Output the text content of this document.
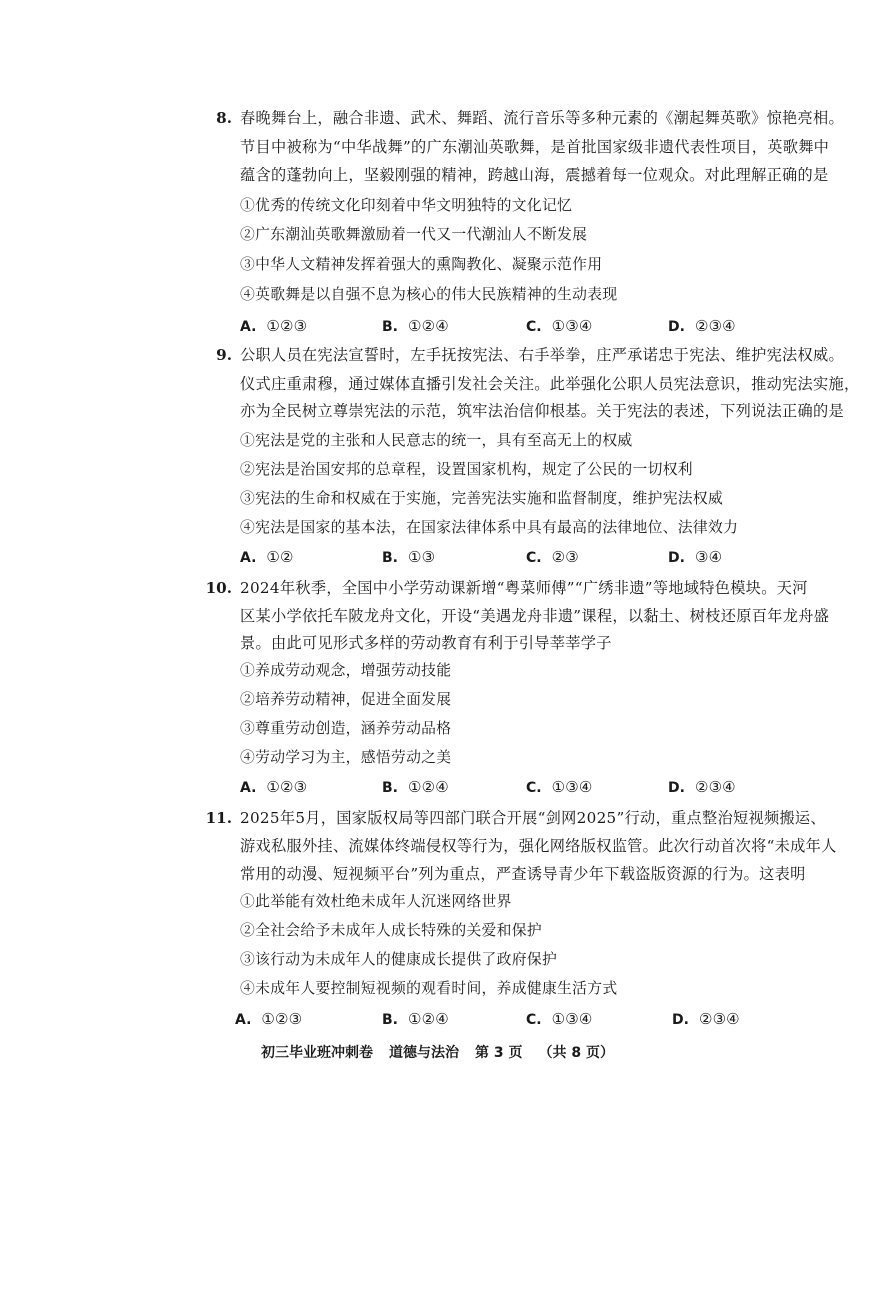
8. 春晚舞台上，融合非遗、武术、舞蹈、流行音乐等多种元素的《潮起舞英歌》惊艳亮相。
节目中被称为“中华战舞”的广东潮汕英歌舞，是首批国家级非遗代表性项目，英歌舞中
蕴含的蓬勃向上，坚毅刚强的精神，跨越山海，震撼着每一位观众。对此理解正确的是
①优秀的传统文化印刻着中华文明独特的文化记忆
②广东潮汕英歌舞激励着一代又一代潮汕人不断发展
③中华人文精神发挥着强大的熏陶教化、凝聚示范作用
④英歌舞是以自强不息为核心的伟大民族精神的生动表现
A. ①②③	B. ①②④	C. ①③④	D. ②③④
9. 公职人员在宪法宣誓时，左手抚按宪法、右手举拳，庄严承诺忠于宪法、维护宪法权威。
仪式庄重肃穆，通过媒体直播引发社会关注。此举强化公职人员宪法意识，推动宪法实施，
亦为全民树立尊崇宪法的示范，筑牢法治信仰根基。关于宪法的表述，下列说法正确的是
①宪法是党的主张和人民意志的统一，具有至高无上的权威
②宪法是治国安邦的总章程，设置国家机构，规定了公民的一切权利
③宪法的生命和权威在于实施，完善宪法实施和监督制度，维护宪法权威
④宪法是国家的基本法，在国家法律体系中具有最高的法律地位、法律效力
A. ①②	B. ①③	C. ②③	D. ③④
10. 2024年秋季，全国中小学劳动课新增“粤菜师傅”“广绣非遗”等地域特色模块。天河
区某小学依托车陂龙舟文化，开设“美遇龙舟非遗”课程，以黏土、树枝还原百年龙舟盛
景。由此可见形式多样的劳动教育有利于引导莘莘学子
①养成劳动观念，增强劳动技能
②培养劳动精神，促进全面发展
③尊重劳动创造，涵养劳动品格
④劳动学习为主，感悟劳动之美
A. ①②③	B. ①②④	C. ①③④	D. ②③④
11. 2025年5月，国家版权局等四部门联合开展“剑网2025”行动，重点整治短视频搬运、
游戏私服外挂、流媒体终端侵权等行为，强化网络版权监管。此次行动首次将“未成年人
常用的动漫、短视频平台”列为重点，严查诱导青少年下载盗版资源的行为。这表明
①此举能有效杜绝未成年人沉迷网络世界
②全社会给予未成年人成长特殊的关爱和保护
③该行动为未成年人的健康成长提供了政府保护
④未成年人要控制短视频的观看时间，养成健康生活方式
A. ①②③	B. ①②④	C. ①③④	D. ②③④
初三毕业班冲刺卷 道德与法治 第 3 页 （共 8 页）
